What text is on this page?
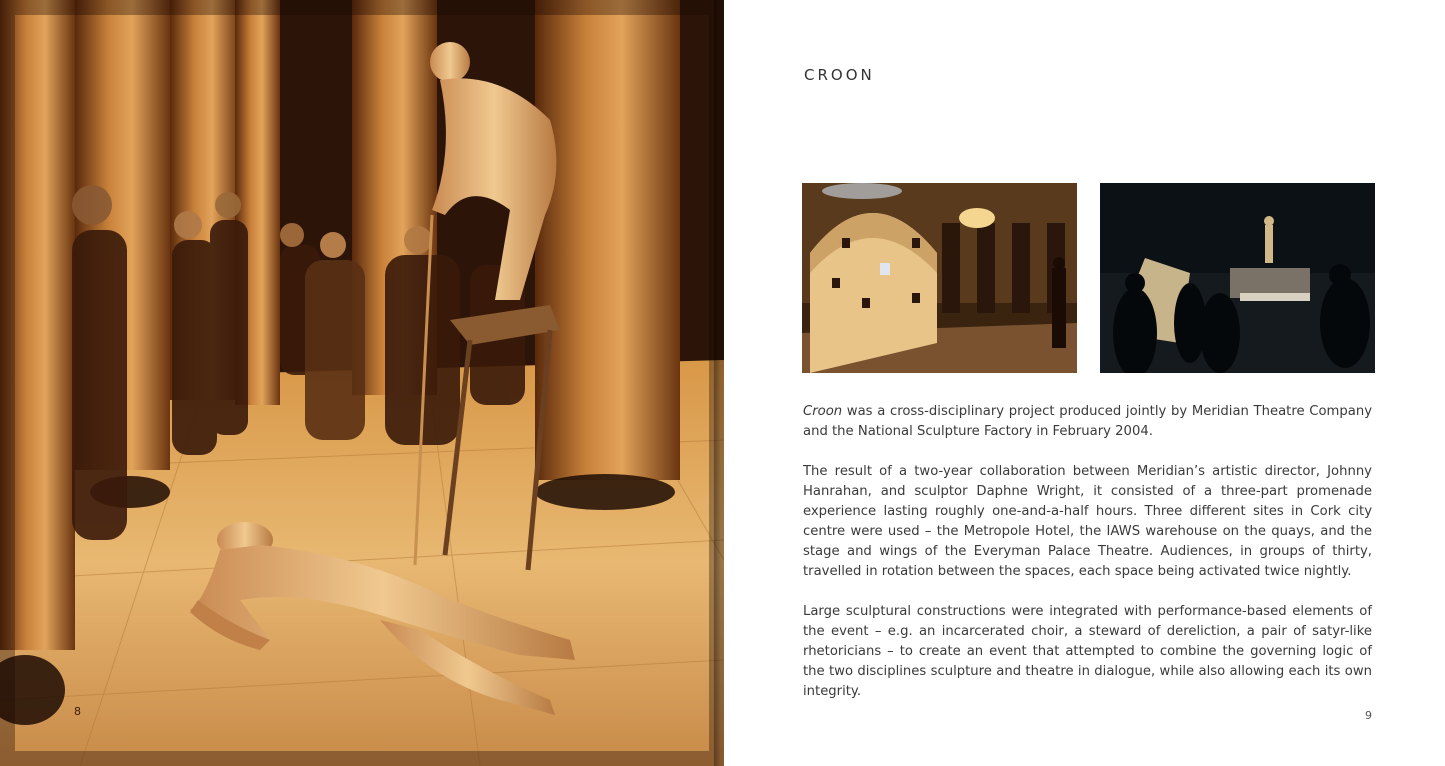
8
CROON

Croon was a cross-disciplinary project produced jointly by Meridian Theatre Company and the National Sculpture Factory in February 2004.

The result of a two-year collaboration between Meridian’s artistic director, Johnny Hanrahan, and sculptor Daphne Wright, it consisted of a three-part promenade experience lasting roughly one-and-a-half hours. Three different sites in Cork city centre were used – the Metropole Hotel, the IAWS warehouse on the quays, and the stage and wings of the Everyman Palace Theatre. Audiences, in groups of thirty, travelled in rotation between the spaces, each space being activated twice nightly.

Large sculptural constructions were integrated with performance-based elements of the event – e.g. an incarcerated choir, a steward of dereliction, a pair of satyr-like rhetoricians – to create an event that attempted to combine the governing logic of the two disciplines sculpture and theatre in dialogue, while also allowing each its own integrity.

9
